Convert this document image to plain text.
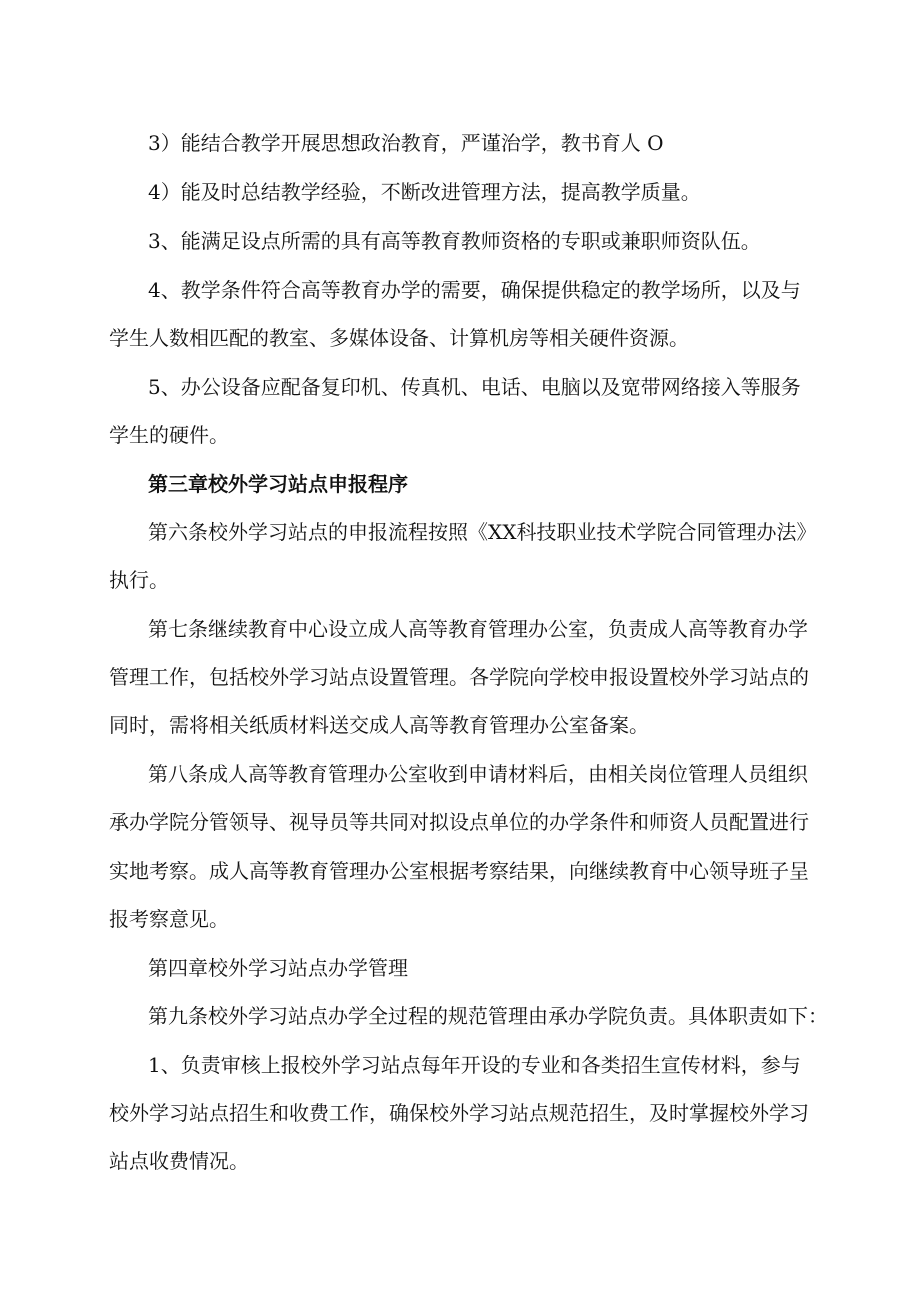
3）能结合教学开展思想政治教育，严谨治学，教书育人 O
4）能及时总结教学经验，不断改进管理方法，提高教学质量。
3、能满足设点所需的具有高等教育教师资格的专职或兼职师资队伍。
4、教学条件符合高等教育办学的需要，确保提供稳定的教学场所，以及与
学生人数相匹配的教室、多媒体设备、计算机房等相关硬件资源。
5、办公设备应配备复印机、传真机、电话、电脑以及宽带网络接入等服务
学生的硬件。
第三章校外学习站点申报程序
第六条校外学习站点的申报流程按照《XX科技职业技术学院合同管理办法》
执行。
第七条继续教育中心设立成人高等教育管理办公室，负责成人高等教育办学
管理工作，包括校外学习站点设置管理。各学院向学校申报设置校外学习站点的
同时，需将相关纸质材料送交成人高等教育管理办公室备案。
第八条成人高等教育管理办公室收到申请材料后，由相关岗位管理人员组织
承办学院分管领导、视导员等共同对拟设点单位的办学条件和师资人员配置进行
实地考察。成人高等教育管理办公室根据考察结果，向继续教育中心领导班子呈
报考察意见。
第四章校外学习站点办学管理
第九条校外学习站点办学全过程的规范管理由承办学院负责。具体职责如下：
1、负责审核上报校外学习站点每年开设的专业和各类招生宣传材料，参与
校外学习站点招生和收费工作，确保校外学习站点规范招生，及时掌握校外学习
站点收费情况。
